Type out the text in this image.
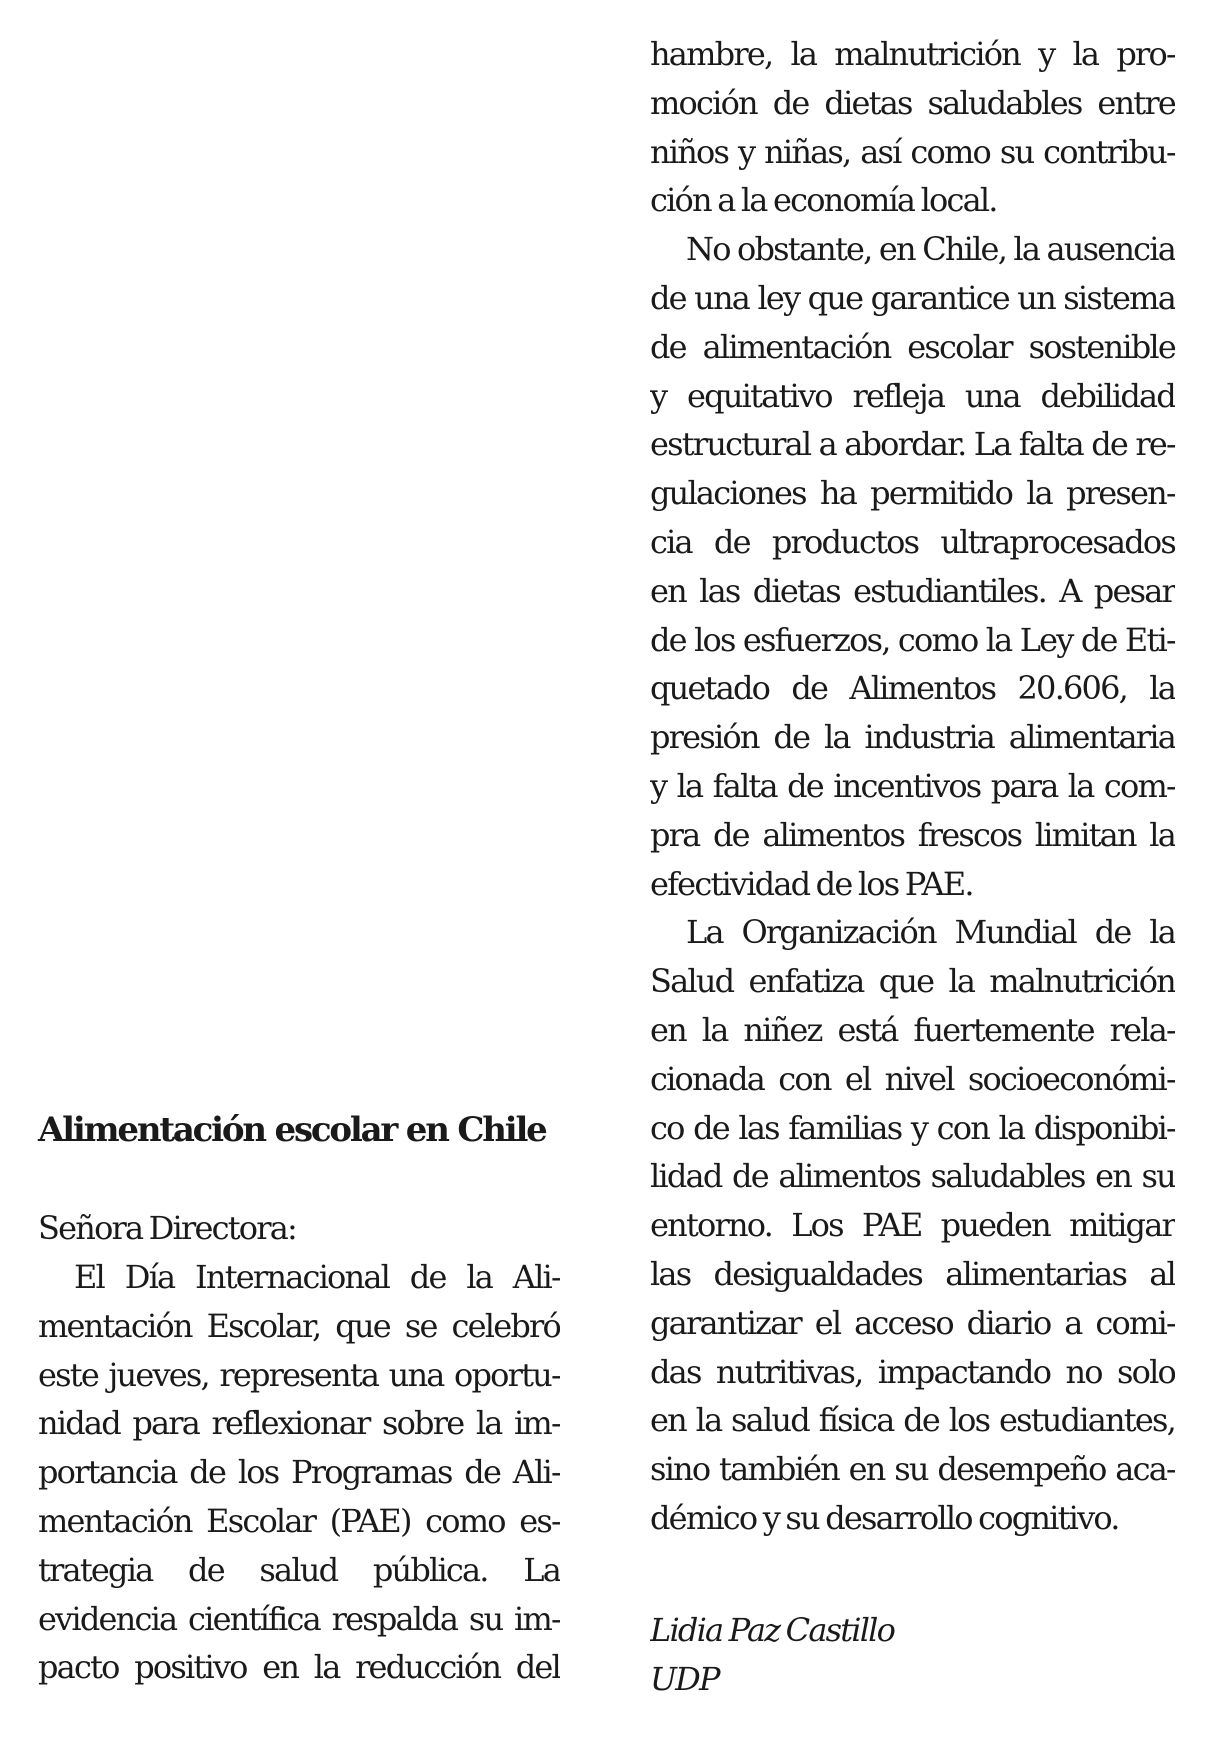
Alimentación escolar en Chile
Señora Directora:
El Día Internacional de la Ali-
mentación Escolar, que se celebró
este jueves, representa una oportu-
nidad para reflexionar sobre la im-
portancia de los Programas de Ali-
mentación Escolar (PAE) como es-
trategia de salud pública. La
evidencia científica respalda su im-
pacto positivo en la reducción del
hambre, la malnutrición y la pro-
moción de dietas saludables entre
niños y niñas, así como su contribu-
ción a la economía local.
No obstante, en Chile, la ausencia
de una ley que garantice un sistema
de alimentación escolar sostenible
y equitativo refleja una debilidad
estructural a abordar. La falta de re-
gulaciones ha permitido la presen-
cia de productos ultraprocesados
en las dietas estudiantiles. A pesar
de los esfuerzos, como la Ley de Eti-
quetado de Alimentos 20.606, la
presión de la industria alimentaria
y la falta de incentivos para la com-
pra de alimentos frescos limitan la
efectividad de los PAE.
La Organización Mundial de la
Salud enfatiza que la malnutrición
en la niñez está fuertemente rela-
cionada con el nivel socioeconómi-
co de las familias y con la disponibi-
lidad de alimentos saludables en su
entorno. Los PAE pueden mitigar
las desigualdades alimentarias al
garantizar el acceso diario a comi-
das nutritivas, impactando no solo
en la salud física de los estudiantes,
sino también en su desempeño aca-
démico y su desarrollo cognitivo.
Lidia Paz Castillo
UDP
